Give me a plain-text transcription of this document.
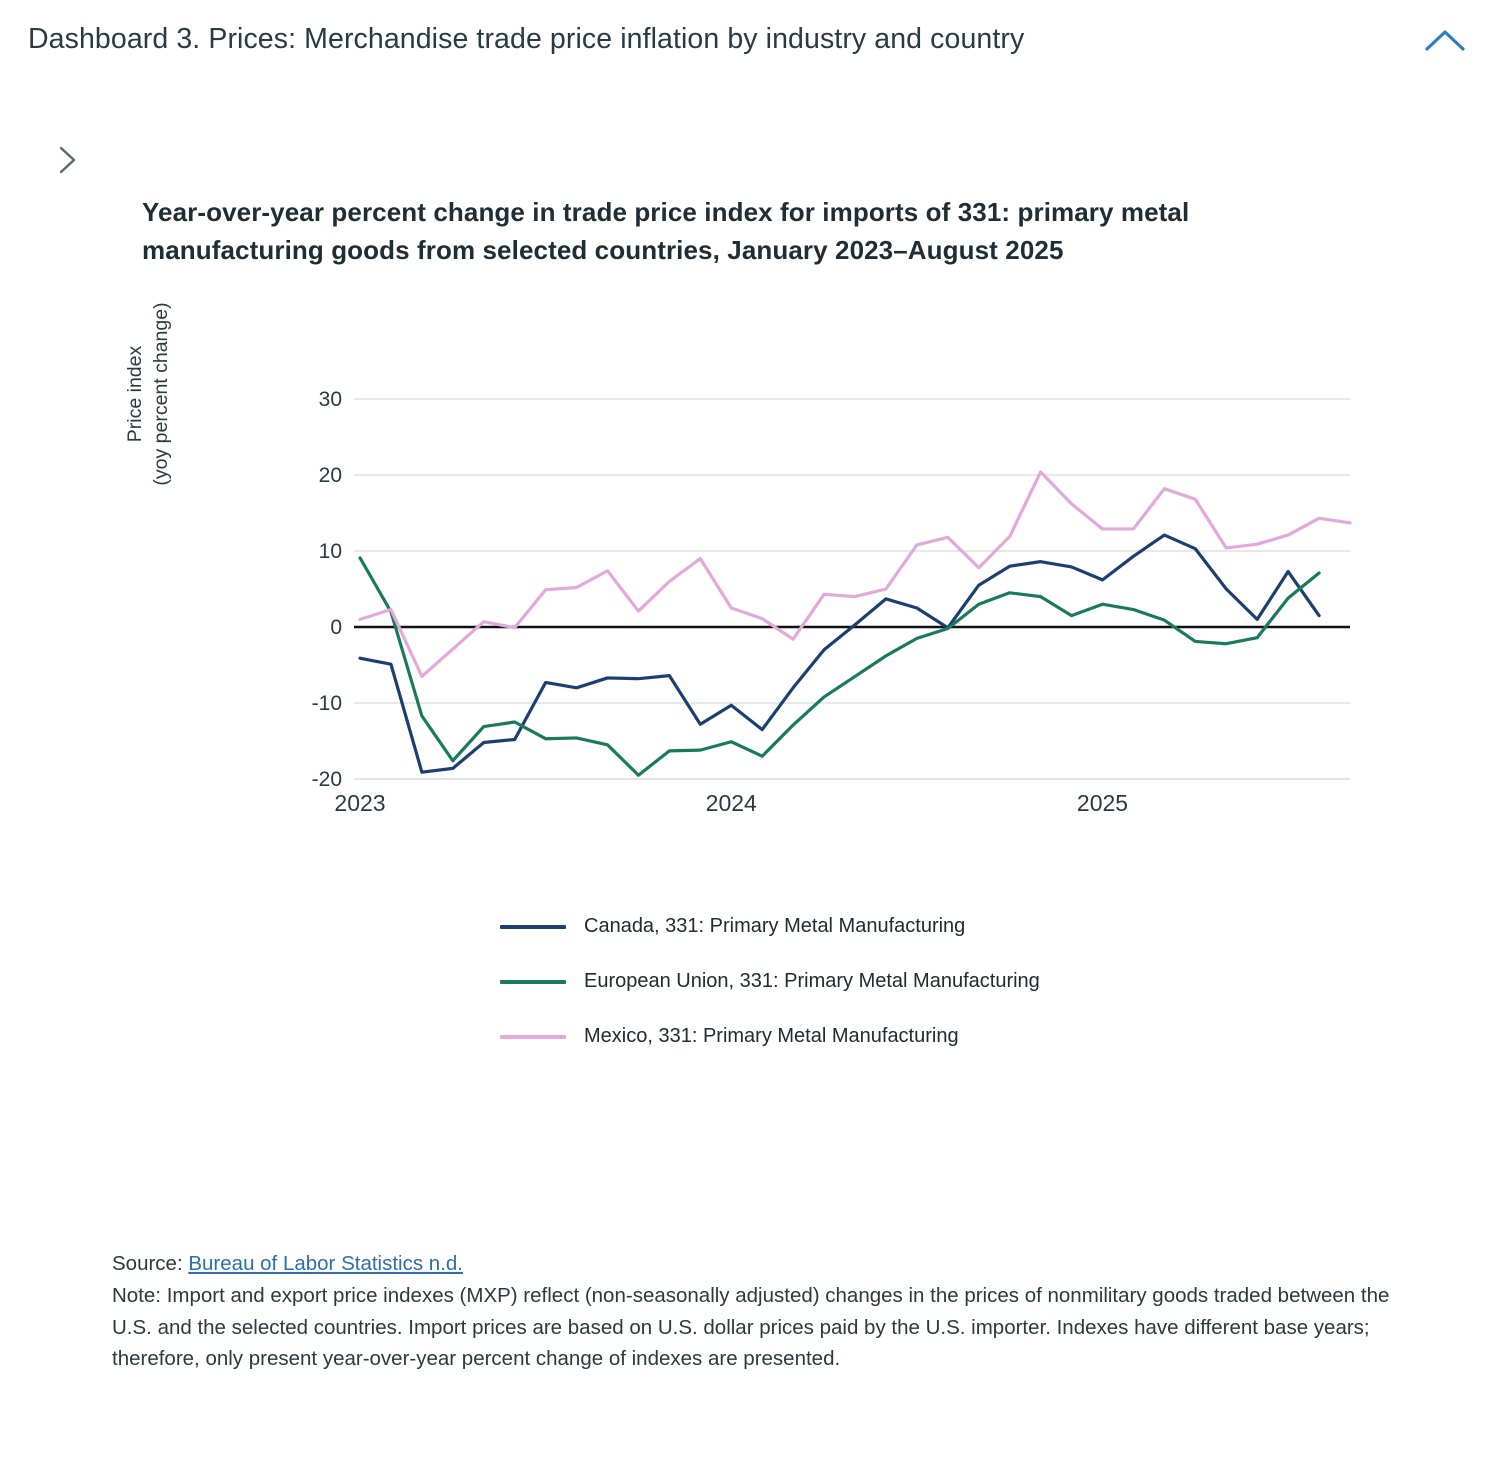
Dashboard 3. Prices: Merchandise trade price inflation by industry and country
Year-over-year percent change in trade price index for imports of 331: primary metal manufacturing goods from selected countries, January 2023–August 2025
Price index (yoy percent change)	30
20
10
0
-10
-20
2023	2024	2025
Canada, 331: Primary Metal Manufacturing
European Union, 331: Primary Metal Manufacturing
Mexico, 331: Primary Metal Manufacturing
Source: Bureau of Labor Statistics n.d.
Note: Import and export price indexes (MXP) reflect (non-seasonally adjusted) changes in the prices of nonmilitary goods traded between the U.S. and the selected countries. Import prices are based on U.S. dollar prices paid by the U.S. importer. Indexes have different base years; therefore, only present year-over-year percent change of indexes are presented.
